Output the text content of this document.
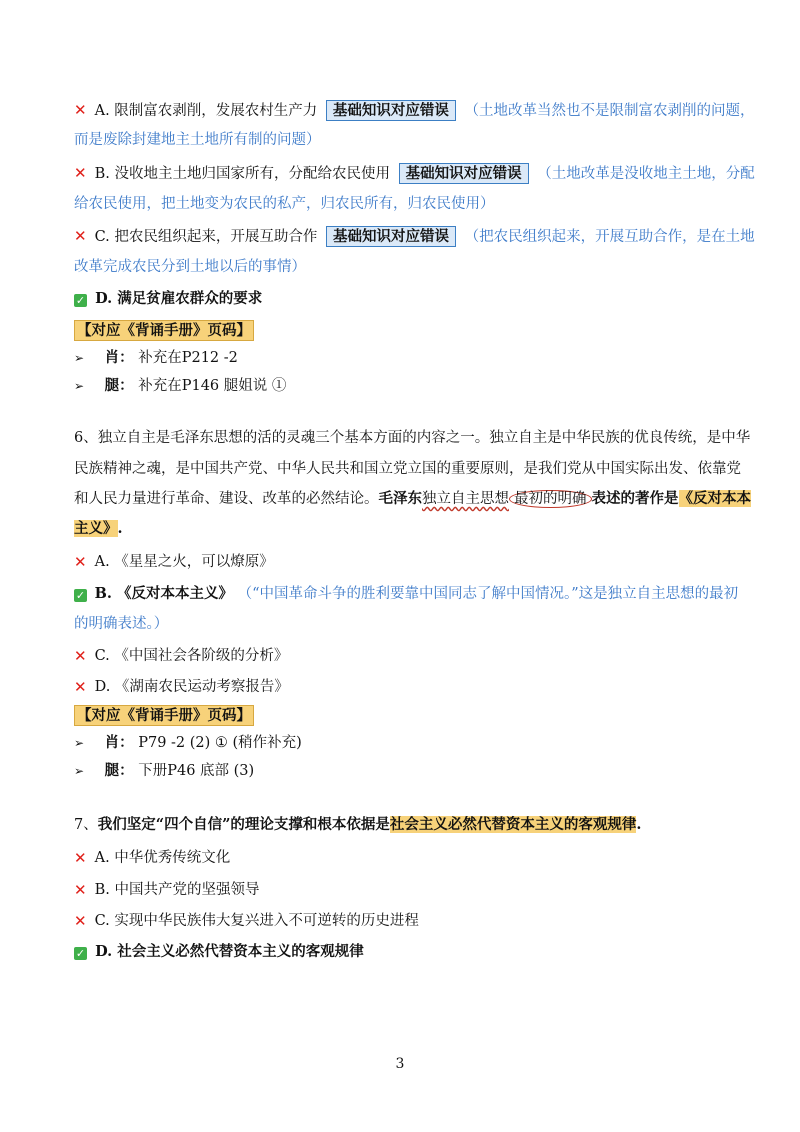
✕ A. 限制富农剥削，发展农村生产力 基础知识对应错误 （土地改革当然也不是限制富农剥削的问题，
而是废除封建地主土地所有制的问题）
✕ B. 没收地主土地归国家所有，分配给农民使用 基础知识对应错误 （土地改革是没收地主土地，分配
给农民使用，把土地变为农民的私产，归农民所有，归农民使用）
✕ C. 把农民组织起来，开展互助合作 基础知识对应错误 （把农民组织起来，开展互助合作，是在土地
改革完成农民分到土地以后的事情）
✓ D. 满足贫雇农群众的要求
【对应《背诵手册》页码】
➢ 肖： 补充在P212 -2
➢ 腿： 补充在P146 腿姐说 ①
6、独立自主是毛泽东思想的活的灵魂三个基本方面的内容之一。独立自主是中华民族的优良传统，是中华
民族精神之魂，是中国共产党、中华人民共和国立党立国的重要原则，是我们党从中国实际出发、依靠党
和人民力量进行革命、建设、改革的必然结论。毛泽东独立自主思想 最初的明确 表述的著作是《反对本本
主义》.
✕ A. 《星星之火，可以燎原》
✓ B. 《反对本本主义》 （“中国革命斗争的胜利要靠中国同志了解中国情况。”这是独立自主思想的最初
的明确表述。）
✕ C. 《中国社会各阶级的分析》
✕ D. 《湖南农民运动考察报告》
【对应《背诵手册》页码】
➢ 肖： P79 -2 (2) ① (稍作补充)
➢ 腿： 下册P46 底部 (3)
7、我们坚定“四个自信”的理论支撑和根本依据是社会主义必然代替资本主义的客观规律.
✕ A. 中华优秀传统文化
✕ B. 中国共产党的坚强领导
✕ C. 实现中华民族伟大复兴进入不可逆转的历史进程
✓ D. 社会主义必然代替资本主义的客观规律
3
